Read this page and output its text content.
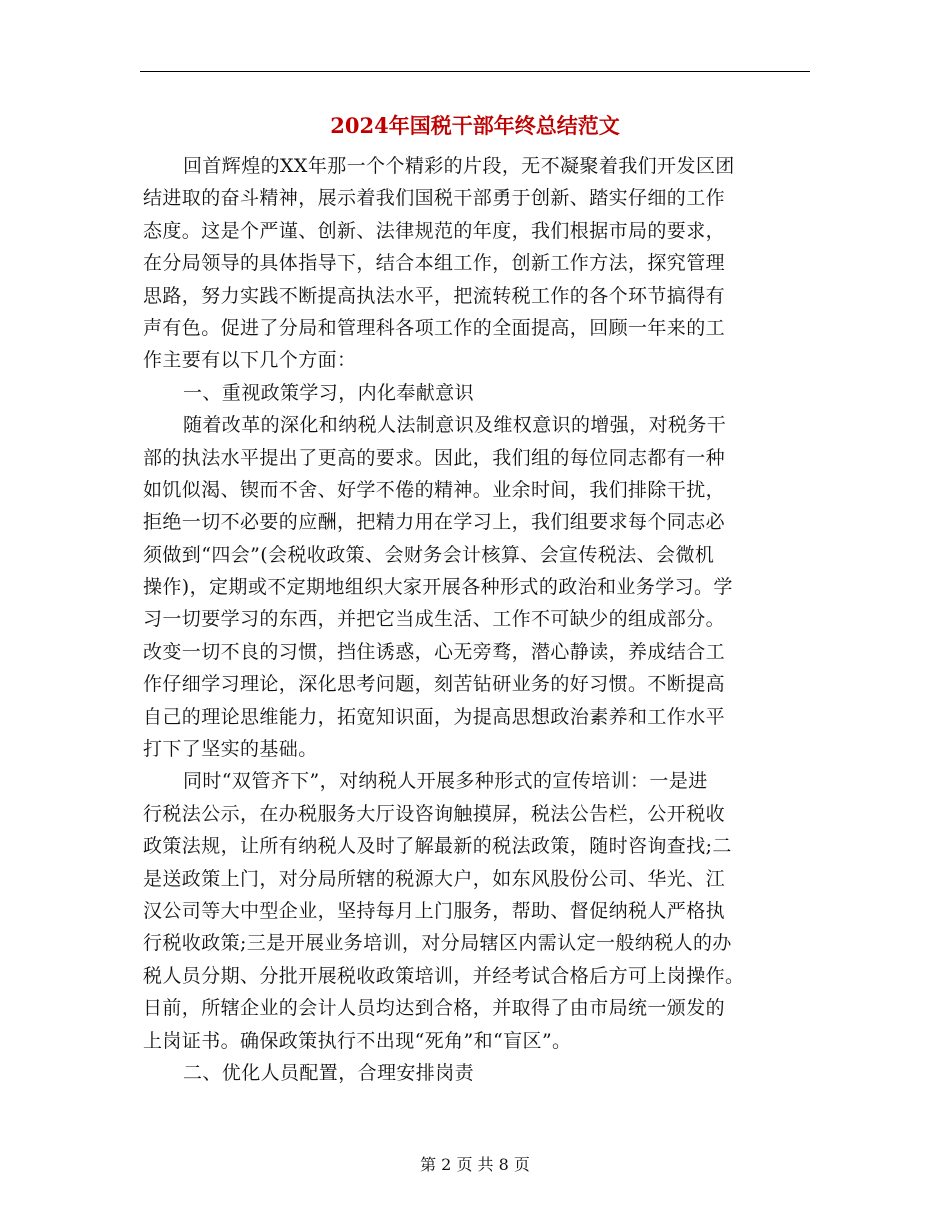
2024年国税干部年终总结范文
回首辉煌的XX年那一个个精彩的片段，无不凝聚着我们开发区团
结进取的奋斗精神，展示着我们国税干部勇于创新、踏实仔细的工作
态度。这是个严谨、创新、法律规范的年度，我们根据市局的要求，
在分局领导的具体指导下，结合本组工作，创新工作方法，探究管理
思路，努力实践不断提高执法水平，把流转税工作的各个环节搞得有
声有色。促进了分局和管理科各项工作的全面提高，回顾一年来的工
作主要有以下几个方面：
一、重视政策学习，内化奉献意识
随着改革的深化和纳税人法制意识及维权意识的增强，对税务干
部的执法水平提出了更高的要求。因此，我们组的每位同志都有一种
如饥似渴、锲而不舍、好学不倦的精神。业余时间，我们排除干扰，
拒绝一切不必要的应酬，把精力用在学习上，我们组要求每个同志必
须做到“四会”(会税收政策、会财务会计核算、会宣传税法、会微机
操作)，定期或不定期地组织大家开展各种形式的政治和业务学习。学
习一切要学习的东西，并把它当成生活、工作不可缺少的组成部分。
改变一切不良的习惯，挡住诱惑，心无旁骛，潜心静读，养成结合工
作仔细学习理论，深化思考问题，刻苦钻研业务的好习惯。不断提高
自己的理论思维能力，拓宽知识面，为提高思想政治素养和工作水平
打下了坚实的基础。
同时“双管齐下”，对纳税人开展多种形式的宣传培训：一是进
行税法公示，在办税服务大厅设咨询触摸屏，税法公告栏，公开税收
政策法规，让所有纳税人及时了解最新的税法政策，随时咨询查找;二
是送政策上门，对分局所辖的税源大户，如东风股份公司、华光、江
汉公司等大中型企业，坚持每月上门服务，帮助、督促纳税人严格执
行税收政策;三是开展业务培训，对分局辖区内需认定一般纳税人的办
税人员分期、分批开展税收政策培训，并经考试合格后方可上岗操作。
日前，所辖企业的会计人员均达到合格，并取得了由市局统一颁发的
上岗证书。确保政策执行不出现“死角”和“盲区”。
二、优化人员配置，合理安排岗责
第 2 页 共 8 页
